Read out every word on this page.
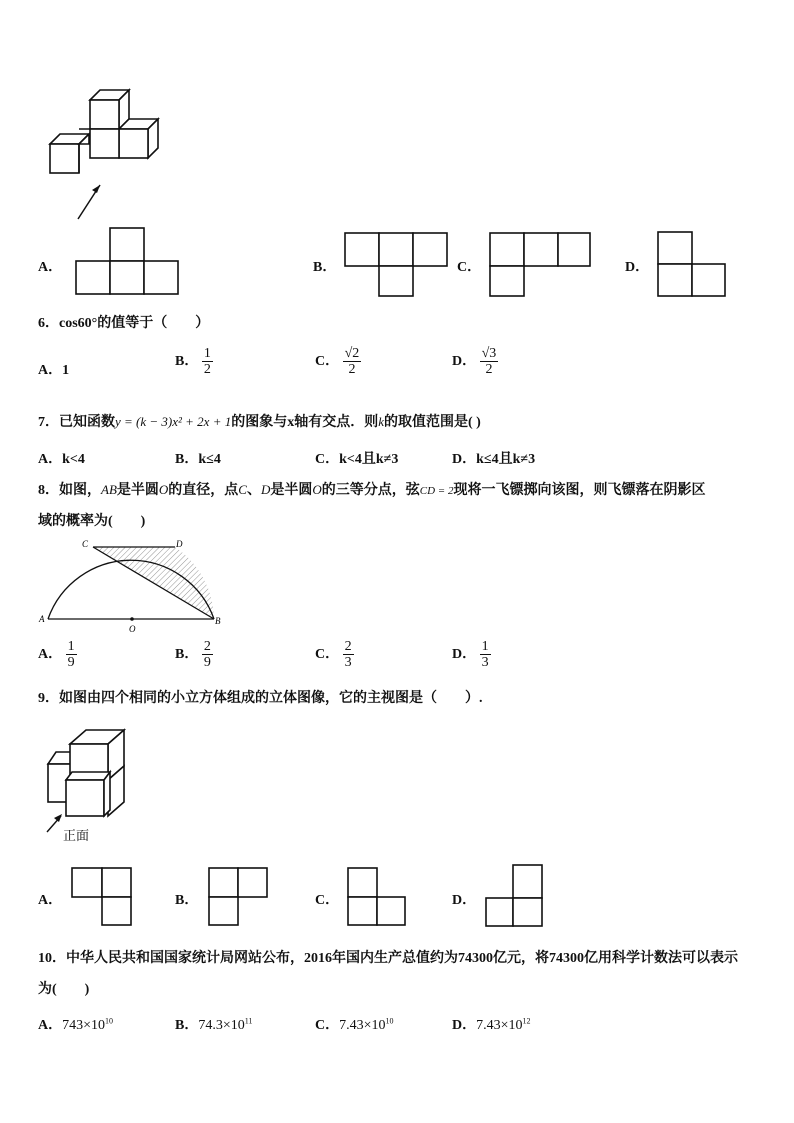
A．	B．	C．	D．
6．cos60°的值等于（　　）
A．1
B． $\frac{1}{2}$	C． $\frac{√2}{2}$	D． $\frac{√3}{2}$
7．已知函数y = (k − 3)x² + 2x + 1的图象与x轴有交点．则k的取值范围是( )
A．k<4	B．k≤4	C．k<4且k≠3	D．k≤4且k≠3
8．如图，AB是半圆O的直径，点C、D是半圆O的三等分点，弦CD = 2现将一飞镖掷向该图，则飞镖落在阴影区
域的概率为(　　)
C	D
A	B
O
A． $\frac{1}{9}$	B． $\frac{2}{9}$	C． $\frac{2}{3}$	D． $\frac{1}{3}$
9．如图由四个相同的小立方体组成的立体图像，它的主视图是（　　）.
正面
A．	B．	C．	D．
10．中华人民共和国国家统计局网站公布，2016年国内生产总值约为74300亿元，将74300亿用科学计数法可以表示
为(　　)
A．$743\times 10^{10}$	B．$74.3\times 10^{11}$	C．$7.43\times 10^{10}$	D．$7.43\times 10^{12}$
